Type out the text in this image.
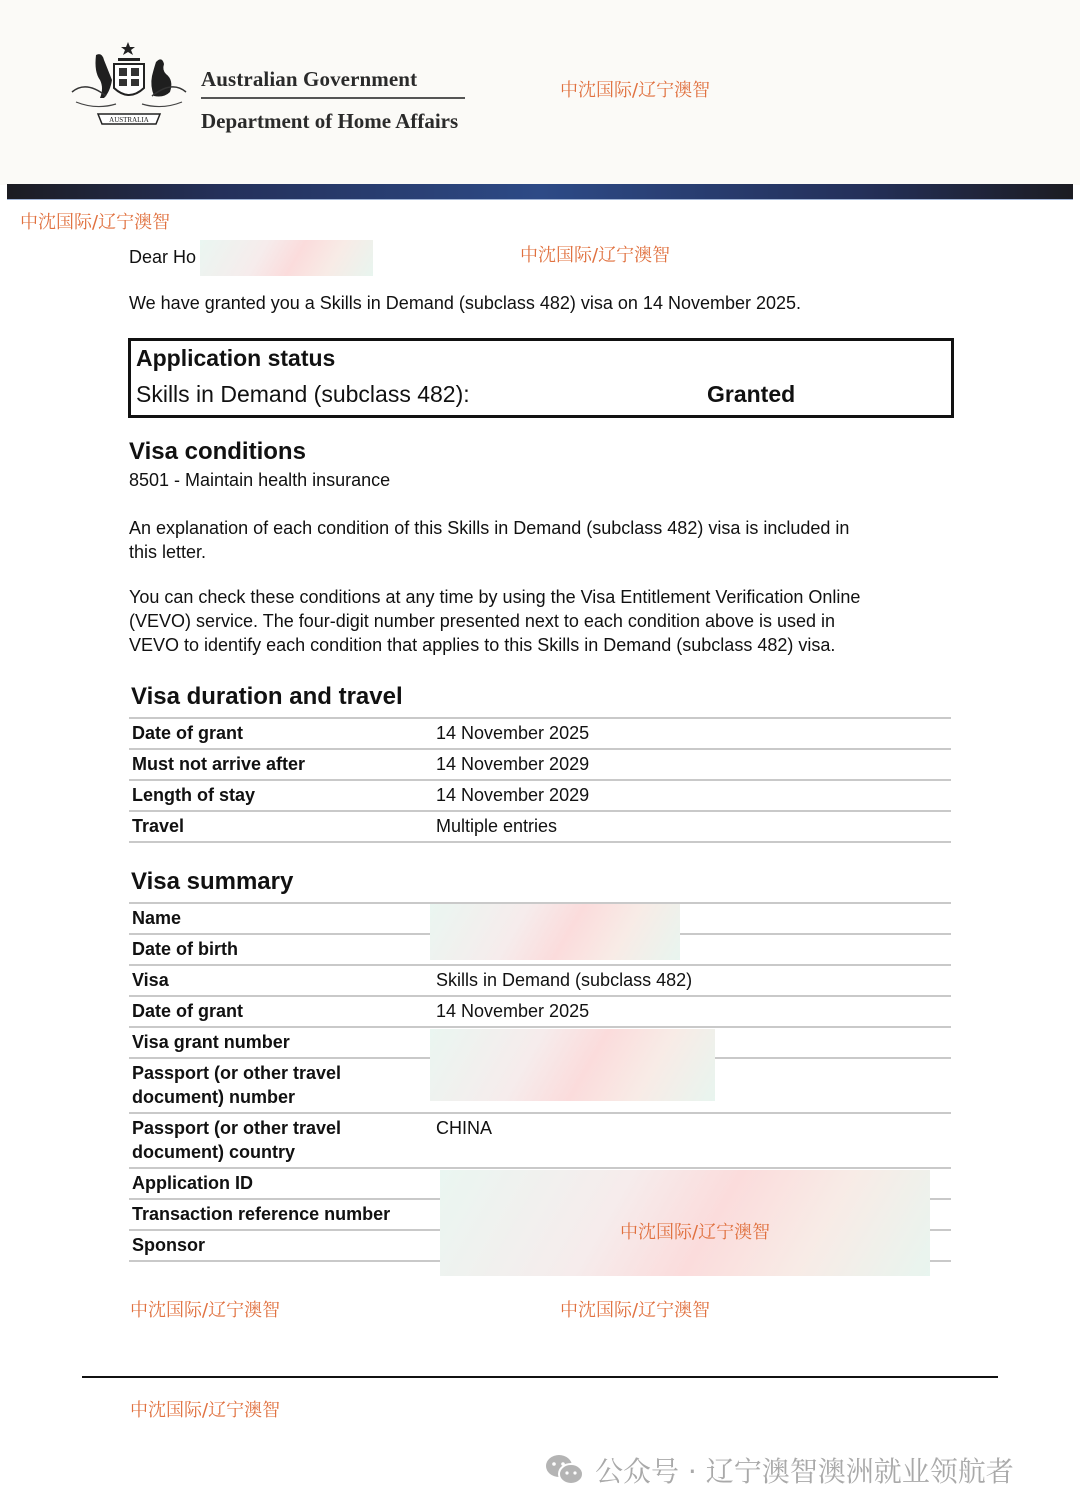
AUSTRALIA
Australian Government
Department of Home Affairs
Dear Ho
We have granted you a Skills in Demand (subclass 482) visa on 14 November 2025.
Application status
Skills in Demand (subclass 482):	Granted
Visa conditions
8501 - Maintain health insurance
An explanation of each condition of this Skills in Demand (subclass 482) visa is included in
this letter.
You can check these conditions at any time by using the Visa Entitlement Verification Online
(VEVO) service. The four-digit number presented next to each condition above is used in
VEVO to identify each condition that applies to this Skills in Demand (subclass 482) visa.
Visa duration and travel
Date of grant	14 November 2025
Must not arrive after	14 November 2029
Length of stay	14 November 2029
Travel	Multiple entries
Visa summary
Name
Date of birth
Visa	Skills in Demand (subclass 482)
Date of grant	14 November 2025
Visa grant number
Passport (or other travel
document) number
Passport (or other travel
document) country
CHINA
Application ID
Transaction reference number
Sponsor
中沈国际/辽宁澳智
中沈国际/辽宁澳智
中沈国际/辽宁澳智
中沈国际/辽宁澳智
中沈国际/辽宁澳智	中沈国际/辽宁澳智
中沈国际/辽宁澳智
公众号 · 辽宁澳智澳洲就业领航者
